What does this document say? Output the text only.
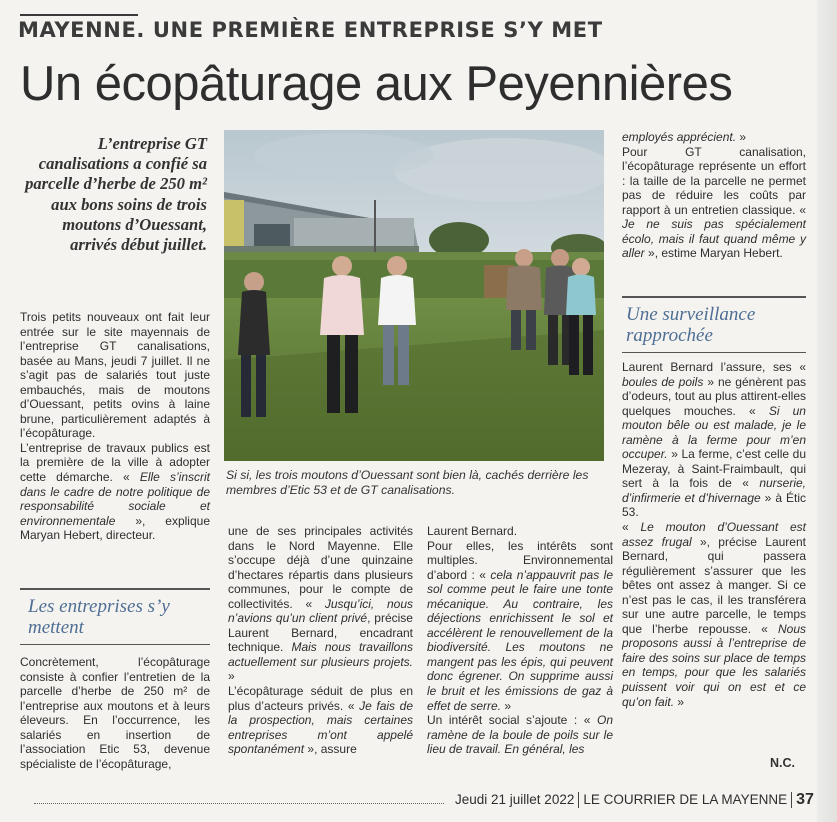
MAYENNE. UNE PREMIÈRE ENTREPRISE S’Y MET
Un écopâturage aux Peyennières
L’entreprise GT canalisations a confié sa parcelle d’herbe de 250 m² aux bons soins de trois moutons d’Ouessant, arrivés début juillet.

Trois petits nouveaux ont fait leur entrée sur le site mayennais de l’entreprise GT canalisations, basée au Mans, jeudi 7 juillet. Il ne s’agit pas de salariés tout juste embauchés, mais de moutons d’Ouessant, petits ovins à laine brune, particulièrement adaptés à l’écopâturage.

L’entreprise de travaux publics est la première de la ville à adopter cette démarche. « Elle s’inscrit dans le cadre de notre politique de responsabilité sociale et environnementale », explique Maryan Hebert, directeur.

Les entreprises s’y mettent

Concrètement, l’écopâturage consiste à confier l’entretien de la parcelle d’herbe de 250 m² de l’entreprise aux moutons et à leurs éleveurs. En l’occurrence, les salariés en insertion de l’association Etic 53, devenue spécialiste de l’écopâturage,

Si si, les trois moutons d’Ouessant sont bien là, cachés derrière les membres d’Etic 53 et de GT canalisations.

une de ses principales activités dans le Nord Mayenne. Elle s’occupe déjà d’une quinzaine d’hectares répartis dans plusieurs communes, pour le compte de collectivités. « Jusqu’ici, nous n’avions qu’un client privé, précise Laurent Bernard, encadrant technique. Mais nous travaillons actuellement sur plusieurs projets. »

L’écopâturage séduit de plus en plus d’acteurs privés. « Je fais de la prospection, mais certaines entreprises m’ont appelé spontanément », assure

Laurent Bernard.

Pour elles, les intérêts sont multiples. Environnemental d’abord : « cela n’appauvrit pas le sol comme peut le faire une tonte mécanique. Au contraire, les déjections enrichissent le sol et accélèrent le renouvellement de la biodiversité. Les moutons ne mangent pas les épis, qui peuvent donc égrener. On supprime aussi le bruit et les émissions de gaz à effet de serre. »

Un intérêt social s’ajoute : « On ramène de la boule de poils sur le lieu de travail. En général, les

employés apprécient. »

Pour GT canalisation, l’écopâturage représente un effort : la taille de la parcelle ne permet pas de réduire les coûts par rapport à un entretien classique. « Je ne suis pas spécialement écolo, mais il faut quand même y aller », estime Maryan Hebert.

Une surveillance rapprochée

Laurent Bernard l’assure, ses « boules de poils » ne génèrent pas d’odeurs, tout au plus attirent-elles quelques mouches. « Si un mouton bêle ou est malade, je le ramène à la ferme pour m’en occuper. » La ferme, c’est celle du Mezeray, à Saint-Fraimbault, qui sert à la fois de « nurserie, d’infirmerie et d’hivernage » à Étic 53.

« Le mouton d’Ouessant est assez frugal », précise Laurent Bernard, qui passera régulièrement s’assurer que les bêtes ont assez à manger. Si ce n’est pas le cas, il les transférera sur une autre parcelle, le temps que l’herbe repousse. « Nous proposons aussi à l’entreprise de faire des soins sur place de temps en temps, pour que les salariés puissent voir qui on est et ce qu’on fait. »

N.C.
Jeudi 21 juillet 2022 LE COURRIER DE LA MAYENNE 37
